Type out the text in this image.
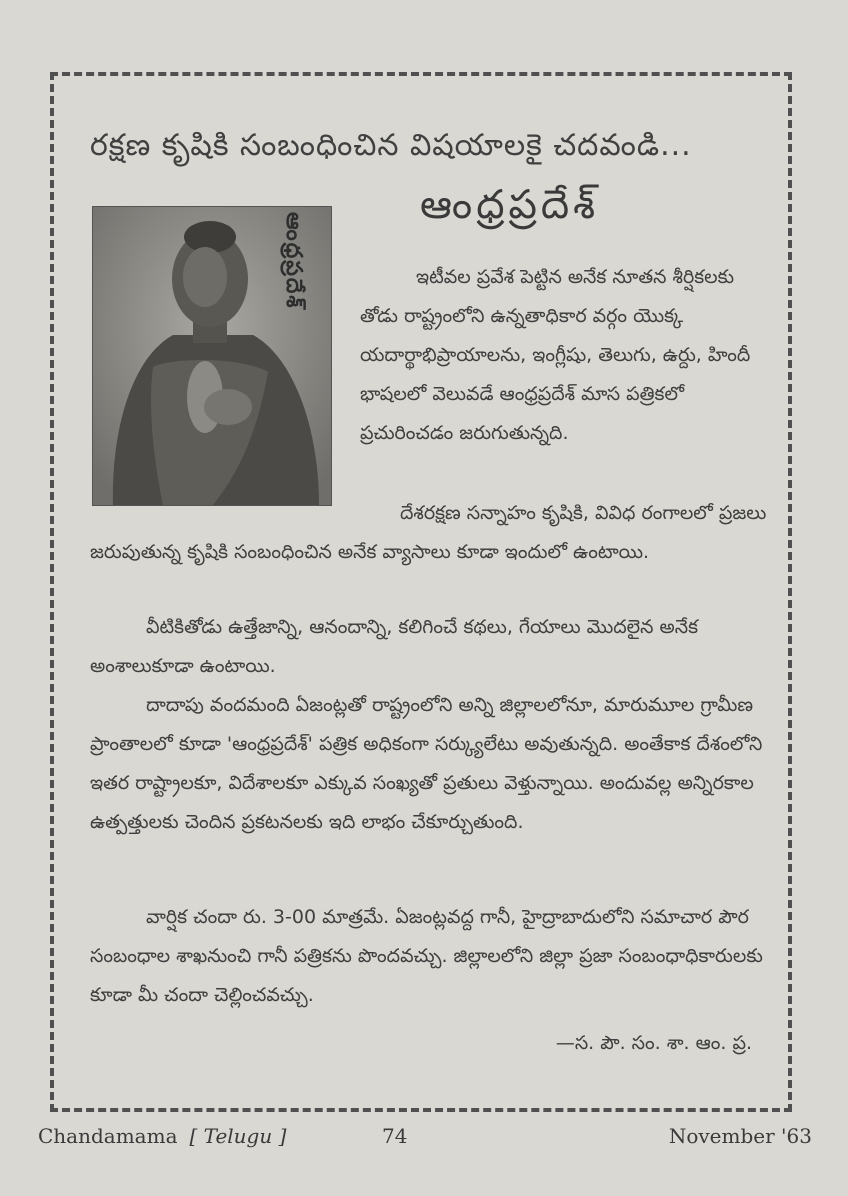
రక్షణ కృషికి సంబంధించిన విషయాలకై చదవండి...
ఆంధ్రప్రదేశ్
ఆంధ్రప్రదేశ్	ఇటీవల ప్రవేశ పెట్టిన అనేక నూతన శీర్షికలకు తోడు రాష్ట్రంలోని ఉన్నతాధికార వర్గం యొక్క యదార్థాభిప్రాయాలను, ఇంగ్లీషు, తెలుగు, ఉర్దు, హిందీ భాషలలో వెలువడే ఆంధ్రప్రదేశ్ మాస పత్రికలో ప్రచురించడం జరుగుతున్నది.
దేశరక్షణ సన్నాహం కృషికి, వివిధ రంగాలలో ప్రజలు జరుపుతున్న కృషికి సంబంధించిన అనేక వ్యాసాలు కూడా ఇందులో ఉంటాయి.
వీటికితోడు ఉత్తేజాన్ని, ఆనందాన్ని, కలిగించే కథలు, గేయాలు మొదలైన అనేక అంశాలుకూడా ఉంటాయి.
దాదాపు వందమంది ఏజంట్లతో రాష్ట్రంలోని అన్ని జిల్లాలలోనూ, మారుమూల గ్రామీణ ప్రాంతాలలో కూడా 'ఆంధ్రప్రదేశ్' పత్రిక అధికంగా సర్క్యులేటు అవుతున్నది. అంతేకాక దేశంలోని ఇతర రాష్ట్రాలకూ, విదేశాలకూ ఎక్కువ సంఖ్యతో ప్రతులు వెళ్తున్నాయి. అందువల్ల అన్నిరకాల ఉత్పత్తులకు చెందిన ప్రకటనలకు ఇది లాభం చేకూర్చుతుంది.
వార్షిక చందా రు. 3-00 మాత్రమే. ఏజంట్లవద్ద గానీ, హైద్రాబాదులోని సమాచార పౌర సంబంధాల శాఖనుంచి గానీ పత్రికను పొందవచ్చు. జిల్లాలలోని జిల్లా ప్రజా సంబంధాధికారులకు కూడా మీ చందా చెల్లించవచ్చు.
—స. పౌ. సం. శా. ఆం. ప్ర.
Chandamama [ Telugu ]	74	November '63
